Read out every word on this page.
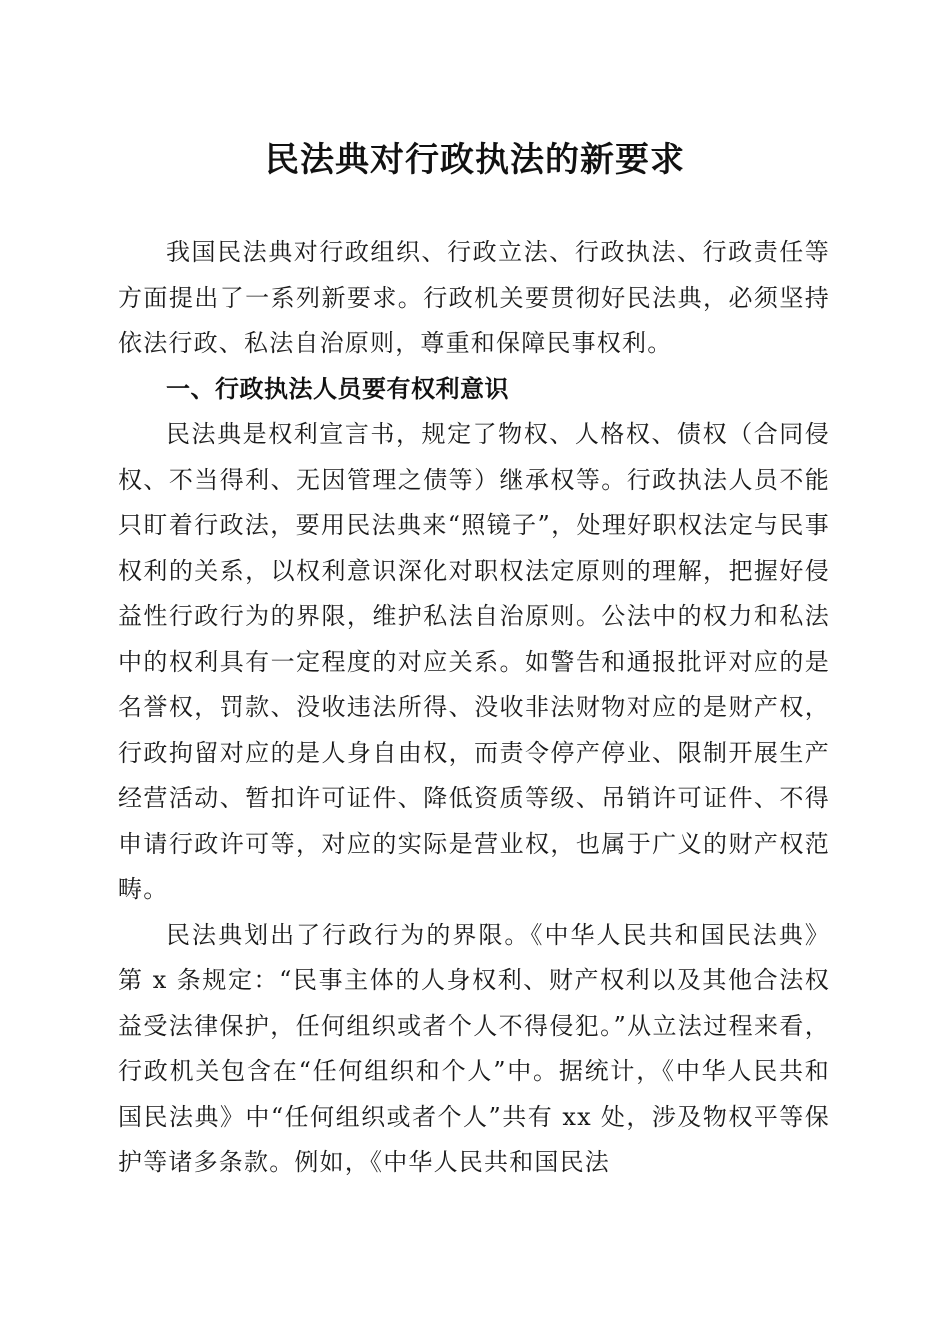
民法典对行政执法的新要求

我国民法典对行政组织、行政立法、行政执法、行政责任等方面提出了一系列新要求。行政机关要贯彻好民法典，必须坚持依法行政、私法自治原则，尊重和保障民事权利。

一、行政执法人员要有权利意识

民法典是权利宣言书，规定了物权、人格权、债权（合同侵权、不当得利、无因管理之债等）继承权等。行政执法人员不能只盯着行政法，要用民法典来“照镜子”，处理好职权法定与民事权利的关系，以权利意识深化对职权法定原则的理解，把握好侵益性行政行为的界限，维护私法自治原则。公法中的权力和私法中的权利具有一定程度的对应关系。如警告和通报批评对应的是名誉权，罚款、没收违法所得、没收非法财物对应的是财产权，行政拘留对应的是人身自由权，而责令停产停业、限制开展生产经营活动、暂扣许可证件、降低资质等级、吊销许可证件、不得申请行政许可等，对应的实际是营业权，也属于广义的财产权范畴。

民法典划出了行政行为的界限。《中华人民共和国民法典》第 x 条规定：“民事主体的人身权利、财产权利以及其他合法权益受法律保护，任何组织或者个人不得侵犯。”从立法过程来看，行政机关包含在“任何组织和个人”中。据统计，《中华人民共和国民法典》中“任何组织或者个人”共有 xx 处，涉及物权平等保护等诸多条款。例如，《中华人民共和国民法
